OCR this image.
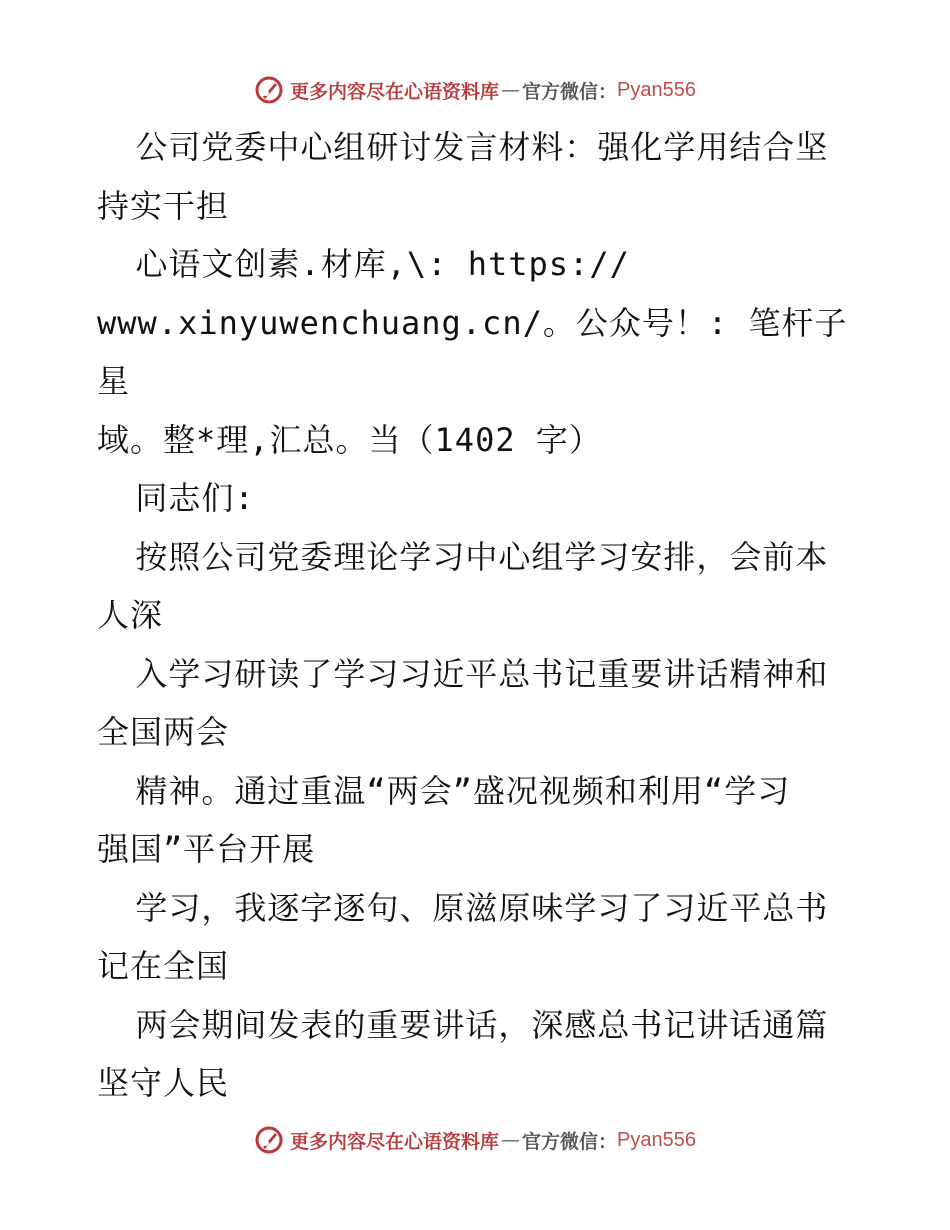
更多内容尽在心语资料库 — 官方微信： Pyan556

公司党委中心组研讨发言材料：强化学用结合坚
持实干担

心语文创素.材库,\: https://
www.xinyuwenchuang.cn/。公众号！: 笔杆子星
域。整*理,汇总。当（1402 字）

同志们:

按照公司党委理论学习中心组学习安排，会前本
人深

入学习研读了学习习近平总书记重要讲话精神和
全国两会

精神。通过重温“两会”盛况视频和利用“学习
强国”平台开展

学习，我逐字逐句、原滋原味学习了习近平总书
记在全国

两会期间发表的重要讲话，深感总书记讲话通篇
坚守人民

更多内容尽在心语资料库 — 官方微信： Pyan556
